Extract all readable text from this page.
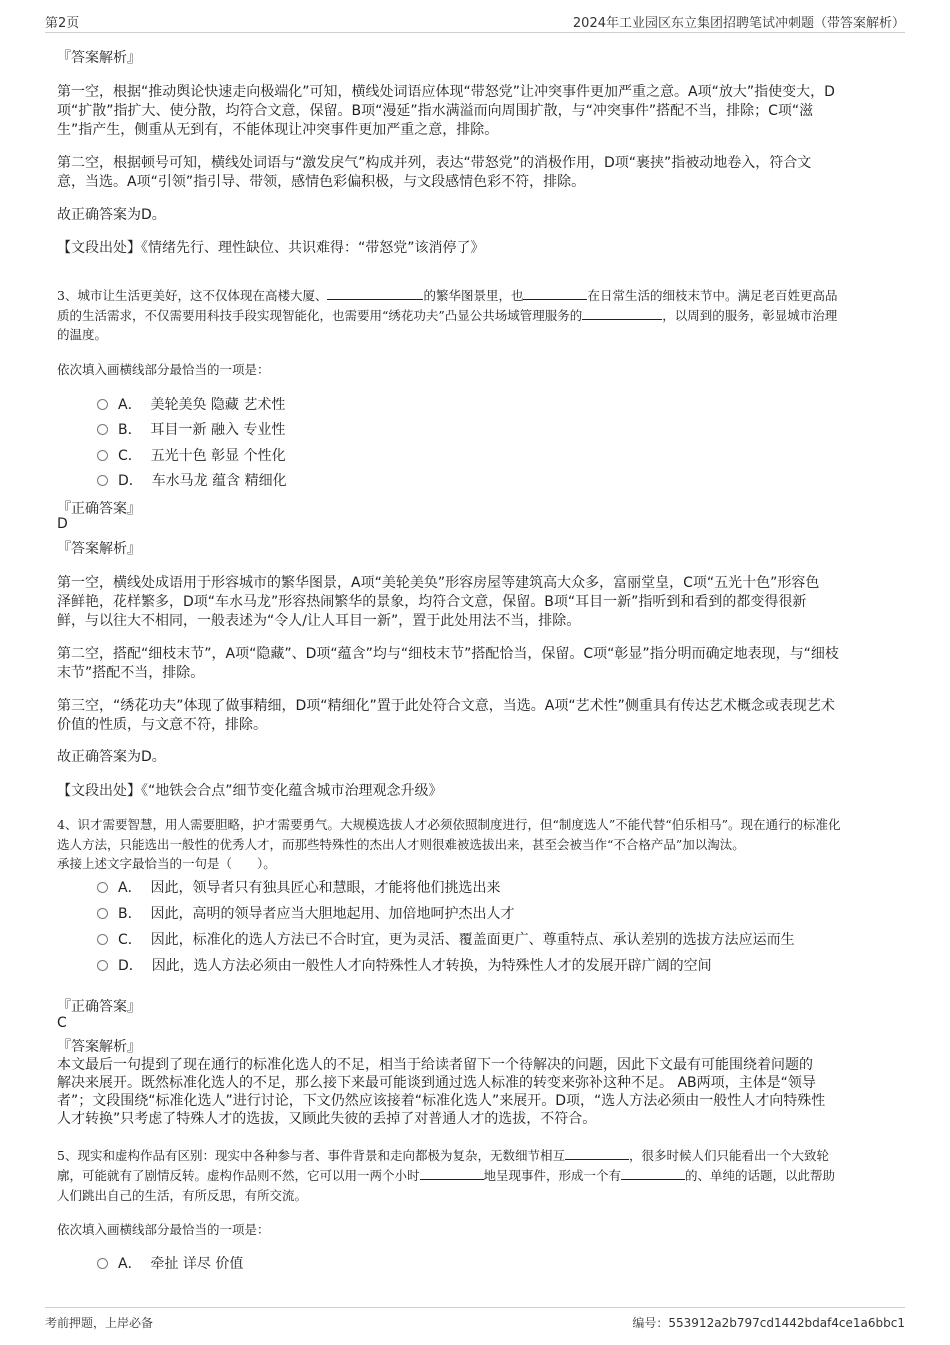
第2页	2024年工业园区东立集团招聘笔试冲刺题（带答案解析）
『答案解析』
第一空，根据“推动舆论快速走向极端化”可知，横线处词语应体现“带怒党”让冲突事件更加严重之意。A项“放大”指使变大，D
项“扩散”指扩大、使分散，均符合文意，保留。B项“漫延”指水满溢而向周围扩散，与“冲突事件”搭配不当，排除；C项“滋
生”指产生，侧重从无到有，不能体现让冲突事件更加严重之意，排除。
第二空，根据顿号可知，横线处词语与“激发戾气”构成并列，表达“带怒党”的消极作用，D项“裹挟”指被动地卷入，符合文
意，当选。A项“引领”指引导、带领，感情色彩偏积极，与文段感情色彩不符，排除。
故正确答案为D。
【文段出处】《情绪先行、理性缺位、共识难得：“带怒党”该消停了》
3、城市让生活更美好，这不仅体现在高楼大厦、	的繁华图景里，也	在日常生活的细枝末节中。满足老百姓更高品
质的生活需求，不仅需要用科技手段实现智能化，也需要用“绣花功夫”凸显公共场域管理服务的	，以周到的服务，彰显城市治理
的温度。
依次填入画横线部分最恰当的一项是：
A． 美轮美奂 隐藏 艺术性
B． 耳目一新 融入 专业性
C． 五光十色 彰显 个性化
D． 车水马龙 蕴含 精细化
『正确答案』
D
『答案解析』
第一空，横线处成语用于形容城市的繁华图景，A项“美轮美奂”形容房屋等建筑高大众多，富丽堂皇，C项“五光十色”形容色
泽鲜艳，花样繁多，D项“车水马龙”形容热闹繁华的景象，均符合文意，保留。B项“耳目一新”指听到和看到的都变得很新
鲜，与以往大不相同，一般表述为“令人/让人耳目一新”，置于此处用法不当，排除。
第二空，搭配“细枝末节”，A项“隐藏”、D项“蕴含”均与“细枝末节”搭配恰当，保留。C项“彰显”指分明而确定地表现，与“细枝
末节”搭配不当，排除。
第三空，“绣花功夫”体现了做事精细，D项“精细化”置于此处符合文意，当选。A项“艺术性”侧重具有传达艺术概念或表现艺术
价值的性质，与文意不符，排除。
故正确答案为D。
【文段出处】《“地铁会合点”细节变化蕴含城市治理观念升级》
4、识才需要智慧，用人需要胆略，护才需要勇气。大规模选拔人才必须依照制度进行，但“制度选人”不能代替“伯乐相马”。现在通行的标准化
选人方法，只能选出一般性的优秀人才，而那些特殊性的杰出人才则很难被选拔出来，甚至会被当作“不合格产品”加以淘汰。
承接上述文字最恰当的一句是（　　）。
A． 因此，领导者只有独具匠心和慧眼，才能将他们挑选出来
B． 因此，高明的领导者应当大胆地起用、加倍地呵护杰出人才
C． 因此，标准化的选人方法已不合时宜，更为灵活、覆盖面更广、尊重特点、承认差别的选拔方法应运而生
D． 因此，选人方法必须由一般性人才向特殊性人才转换，为特殊性人才的发展开辟广阔的空间
『正确答案』
C
『答案解析』
本文最后一句提到了现在通行的标准化选人的不足，相当于给读者留下一个待解决的问题，因此下文最有可能围绕着问题的
解决来展开。既然标准化选人的不足，那么接下来最可能谈到通过选人标准的转变来弥补这种不足。 AB两项，主体是“领导
者”；文段围绕“标准化选人”进行讨论，下文仍然应该接着“标准化选人”来展开。D项，“选人方法必须由一般性人才向特殊性
人才转换”只考虑了特殊人才的选拔，又顾此失彼的丢掉了对普通人才的选拔，不符合。
5、现实和虚构作品有区别：现实中各种参与者、事件背景和走向都极为复杂，无数细节相互	，很多时候人们只能看出一个大致轮
廓，可能就有了剧情反转。虚构作品则不然，它可以用一两个小时	地呈现事件，形成一个有	的、单纯的话题，以此帮助
人们跳出自己的生活，有所反思，有所交流。
依次填入画横线部分最恰当的一项是：
A． 牵扯 详尽 价值
考前押题，上岸必备	编号：553912a2b797cd1442bdaf4ce1a6bbc1
